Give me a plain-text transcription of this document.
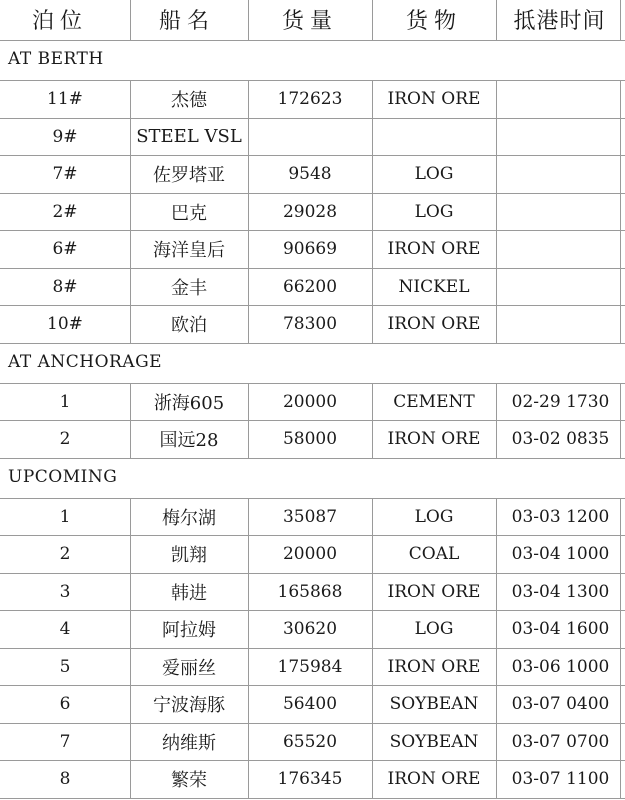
泊位	船名	货量	货物	抵港时间
AT BERTH
11#	杰德	172623	IRON ORE
9#	STEEL VSL
7#	佐罗塔亚	9548	LOG
2#	巴克	29028	LOG
6#	海洋皇后	90669	IRON ORE
8#	金丰	66200	NICKEL
10#	欧泊	78300	IRON ORE
AT ANCHORAGE
1	浙海605	20000	CEMENT	02-29 1730
2	国远28	58000	IRON ORE	03-02 0835
UPCOMING
1	梅尔湖	35087	LOG	03-03 1200
2	凯翔	20000	COAL	03-04 1000
3	韩进	165868	IRON ORE	03-04 1300
4	阿拉姆	30620	LOG	03-04 1600
5	爱丽丝	175984	IRON ORE	03-06 1000
6	宁波海豚	56400	SOYBEAN	03-07 0400
7	纳维斯	65520	SOYBEAN	03-07 0700
8	繁荣	176345	IRON ORE	03-07 1100
